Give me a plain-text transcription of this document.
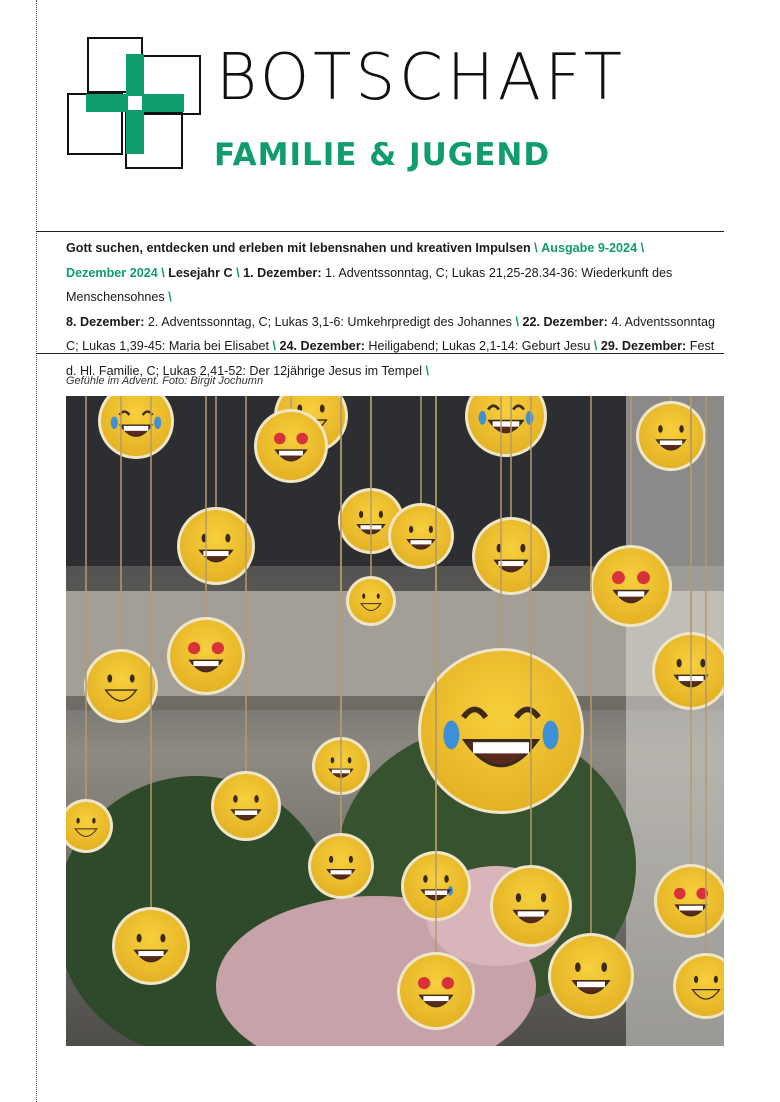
BOTSCHAFT
FAMILIE & JUGEND

Gott suchen, entdecken und erleben mit lebensnahen und kreativen Impulsen \ Ausgabe 9-2024 \
Dezember 2024 \ Lesejahr C \ 1. Dezember: 1. Adventssonntag, C; Lukas 21,25-28.34-36: Wiederkunft des Menschensohnes \
8. Dezember: 2. Adventssonntag, C; Lukas 3,1-6: Umkehrpredigt des Johannes \ 22. Dezember: 4. Adventssonntag C; Lukas 1,39-45: Maria bei Elisabet \ 24. Dezember: Heiligabend; Lukas 2,1-14: Geburt Jesu \ 29. Dezember: Fest d. Hl. Familie, C; Lukas 2,41-52: Der 12jährige Jesus im Tempel \

Gefühle im Advent. Foto: Birgit Jochumn
